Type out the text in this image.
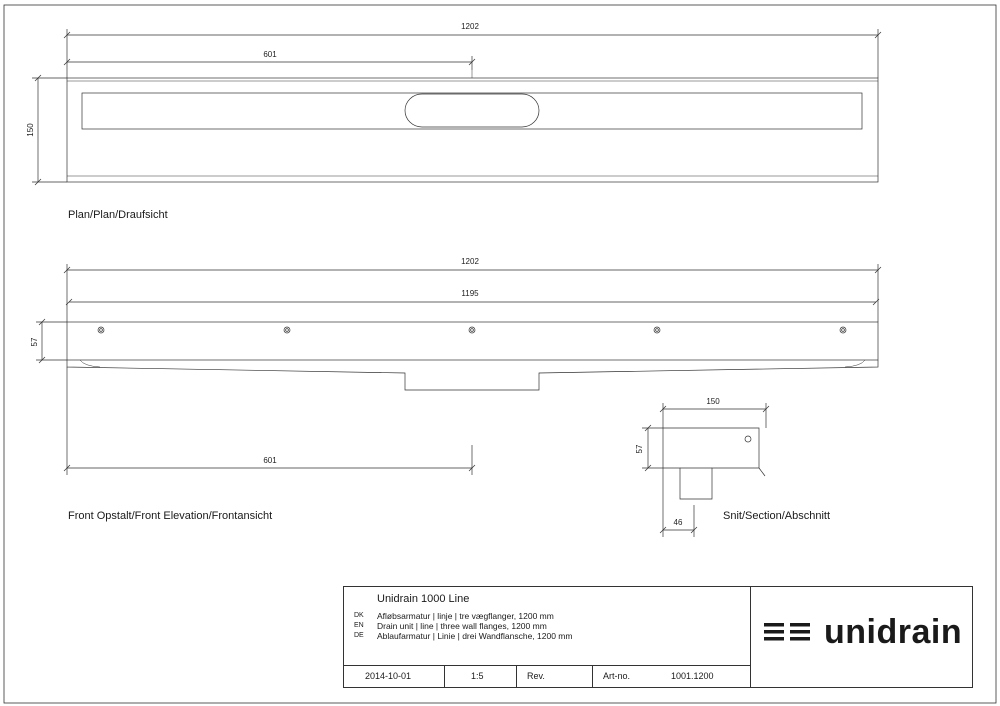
1202
601
150
1202
1195
57
601
150
57
46
Plan/Plan/Draufsicht
Front Opstalt/Front Elevation/Frontansicht	Snit/Section/Abschnitt
Unidrain 1000 Line
DK	Afløbsarmatur | linje | tre vægflanger, 1200 mm
EN	Drain unit | line | three wall flanges, 1200 mm
DE	Ablaufarmatur | Linie | drei Wandflansche, 1200 mm
2014-10-01	1:5	Rev.	Art-no.	1001.1200
unidrain
